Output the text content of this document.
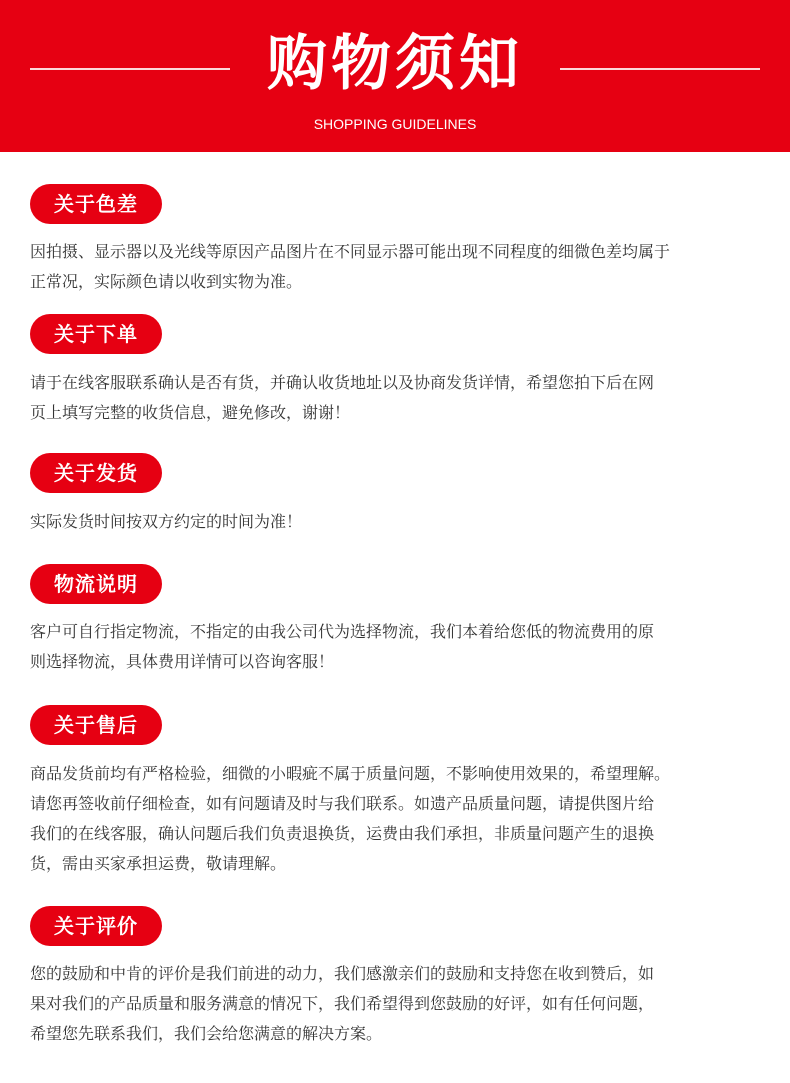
购物须知
SHOPPING GUIDELINES
关于色差
因拍摄、显示器以及光线等原因产品图片在不同显示器可能出现不同程度的细微色差均属于
正常况，实际颜色请以收到实物为准。
关于下单
请于在线客服联系确认是否有货，并确认收货地址以及协商发货详情，希望您拍下后在网
页上填写完整的收货信息，避免修改，谢谢！
关于发货
实际发货时间按双方约定的时间为准！
物流说明
客户可自行指定物流，不指定的由我公司代为选择物流，我们本着给您低的物流费用的原
则选择物流，具体费用详情可以咨询客服！
关于售后
商品发货前均有严格检验，细微的小暇疵不属于质量问题，不影响使用效果的，希望理解。
请您再签收前仔细检查，如有问题请及时与我们联系。如遗产品质量问题，请提供图片给
我们的在线客服，确认问题后我们负责退换货，运费由我们承担，非质量问题产生的退换
货，需由买家承担运费，敬请理解。
关于评价
您的鼓励和中肯的评价是我们前进的动力，我们感激亲们的鼓励和支持您在收到赞后，如
果对我们的产品质量和服务满意的情况下，我们希望得到您鼓励的好评，如有任何问题，
希望您先联系我们，我们会给您满意的解决方案。
